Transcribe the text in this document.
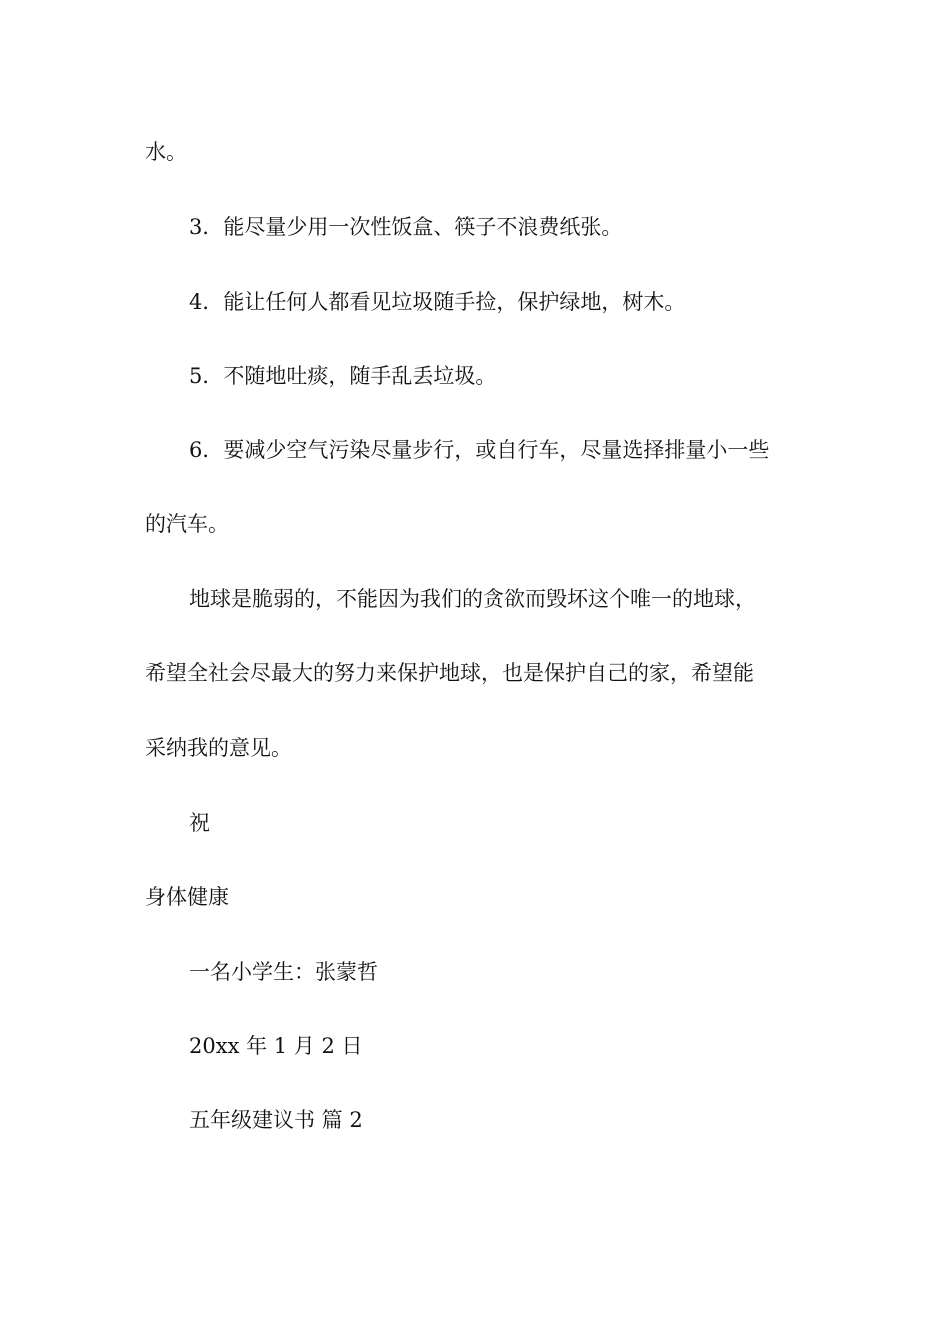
水。
3．能尽量少用一次性饭盒、筷子不浪费纸张。
4．能让任何人都看见垃圾随手捡，保护绿地，树木。
5．不随地吐痰，随手乱丢垃圾。
6．要减少空气污染尽量步行，或自行车，尽量选择排量小一些
的汽车。
地球是脆弱的，不能因为我们的贪欲而毁坏这个唯一的地球，
希望全社会尽最大的努力来保护地球，也是保护自己的家，希望能
采纳我的意见。
祝
身体健康
一名小学生：张蒙哲
20xx 年 1 月 2 日
五年级建议书 篇 2
